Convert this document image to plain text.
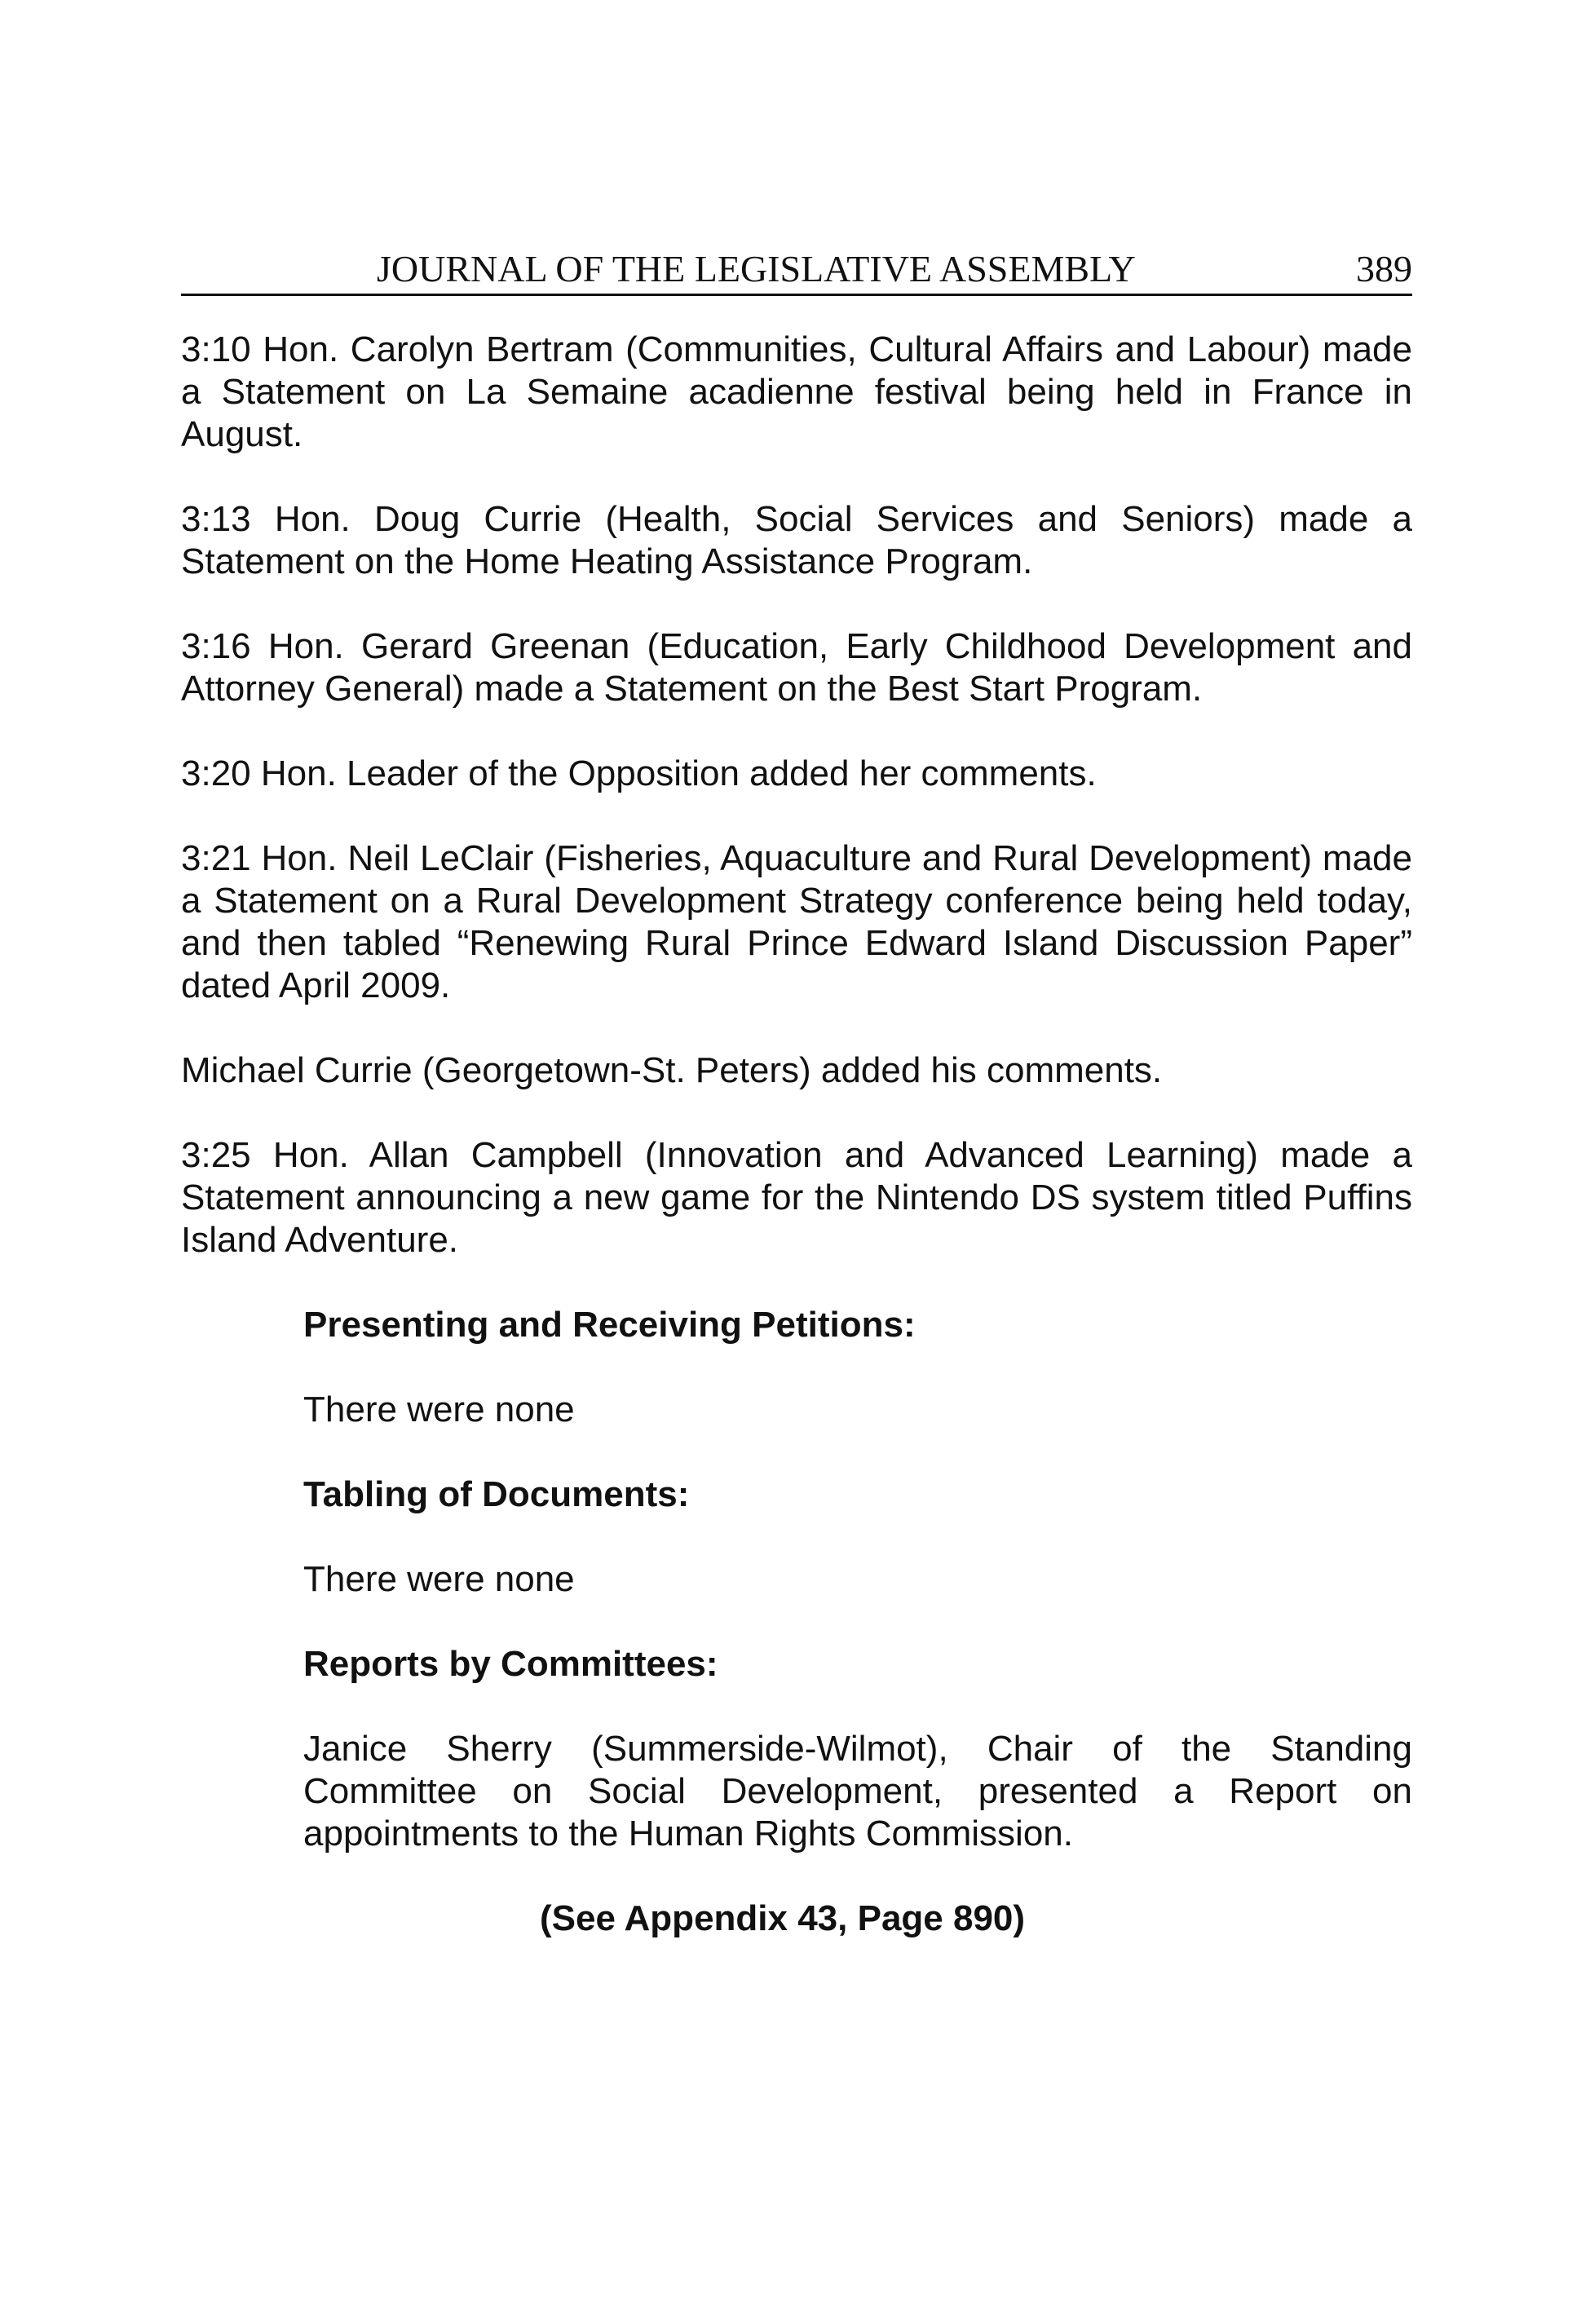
JOURNAL OF THE LEGISLATIVE ASSEMBLY	389

3:10 Hon. Carolyn Bertram (Communities, Cultural Affairs and Labour) made a Statement on La Semaine acadienne festival being held in France in August.

3:13 Hon. Doug Currie (Health, Social Services and Seniors) made a Statement on the Home Heating Assistance Program.

3:16 Hon. Gerard Greenan (Education, Early Childhood Development and Attorney General) made a Statement on the Best Start Program.

3:20 Hon. Leader of the Opposition added her comments.

3:21 Hon. Neil LeClair (Fisheries, Aquaculture and Rural Development) made a Statement on a Rural Development Strategy conference being held today, and then tabled “Renewing Rural Prince Edward Island Discussion Paper” dated April 2009.

Michael Currie (Georgetown-St. Peters) added his comments.

3:25 Hon. Allan Campbell (Innovation and Advanced Learning) made a Statement announcing a new game for the Nintendo DS system titled Puffins Island Adventure.

Presenting and Receiving Petitions:

There were none

Tabling of Documents:

There were none

Reports by Committees:

Janice Sherry (Summerside-Wilmot), Chair of the Standing Committee on Social Development, presented a Report on appointments to the Human Rights Commission.

(See Appendix 43, Page 890)
